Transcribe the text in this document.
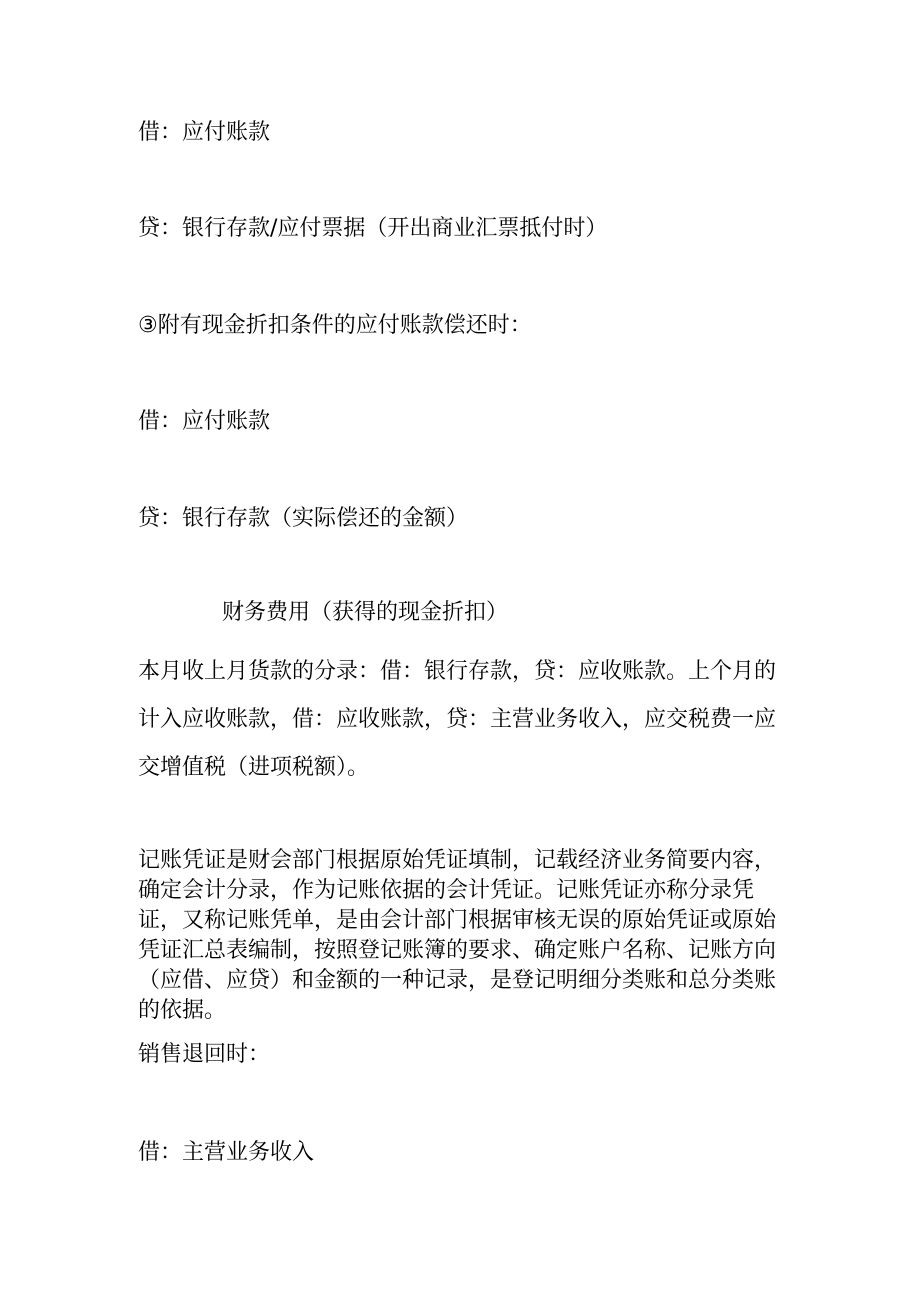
借：应付账款
贷：银行存款/应付票据（开出商业汇票抵付时）
③附有现金折扣条件的应付账款偿还时：
借：应付账款
贷：银行存款（实际偿还的金额）
财务费用（获得的现金折扣）
本月收上月货款的分录：借：银行存款，贷：应收账款。上个月的计入应收账款，借：应收账款，贷：主营业务收入，应交税费一应交增值税（进项税额）。
记账凭证是财会部门根据原始凭证填制，记载经济业务简要内容，确定会计分录，作为记账依据的会计凭证。记账凭证亦称分录凭证，又称记账凭单，是由会计部门根据审核无误的原始凭证或原始凭证汇总表编制，按照登记账簿的要求、确定账户名称、记账方向（应借、应贷）和金额的一种记录，是登记明细分类账和总分类账的依据。
销售退回时：
借：主营业务收入
